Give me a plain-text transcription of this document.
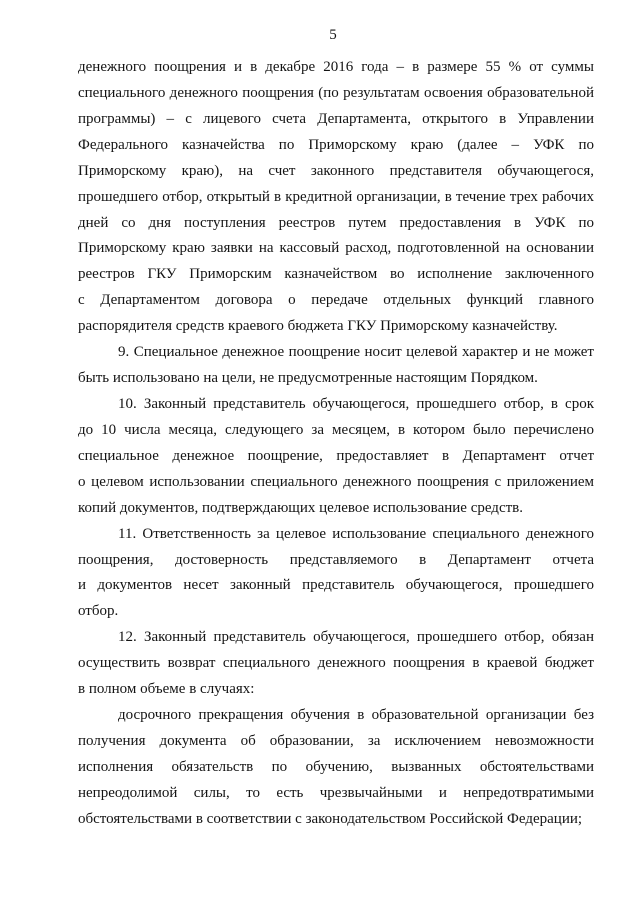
5
денежного поощрения и в декабре 2016 года – в размере 55 % от суммы
специального денежного поощрения (по результатам освоения образовательной
программы) – с лицевого счета Департамента, открытого в Управлении
Федерального казначейства по Приморскому краю (далее – УФК по
Приморскому краю), на счет законного представителя обучающегося,
прошедшего отбор, открытый в кредитной организации, в течение трех рабочих
дней со дня поступления реестров путем предоставления в УФК по
Приморскому краю заявки на кассовый расход, подготовленной на основании
реестров ГКУ Приморским казначейством во исполнение заключенного
с Департаментом договора о передаче отдельных функций главного
распорядителя средств краевого бюджета ГКУ Приморскому казначейству.
9. Специальное денежное поощрение носит целевой характер и не может
быть использовано на цели, не предусмотренные настоящим Порядком.
10. Законный представитель обучающегося, прошедшего отбор, в срок
до 10 числа месяца, следующего за месяцем, в котором было перечислено
специальное денежное поощрение, предоставляет в Департамент отчет
о целевом использовании специального денежного поощрения с приложением
копий документов, подтверждающих целевое использование средств.
11. Ответственность за целевое использование специального денежного
поощрения, достоверность представляемого в Департамент отчета
и документов несет законный представитель обучающегося, прошедшего
отбор.
12. Законный представитель обучающегося, прошедшего отбор, обязан
осуществить возврат специального денежного поощрения в краевой бюджет
в полном объеме в случаях:
досрочного прекращения обучения в образовательной организации без
получения документа об образовании, за исключением невозможности
исполнения обязательств по обучению, вызванных обстоятельствами
непреодолимой силы, то есть чрезвычайными и непредотвратимыми
обстоятельствами в соответствии с законодательством Российской Федерации;
